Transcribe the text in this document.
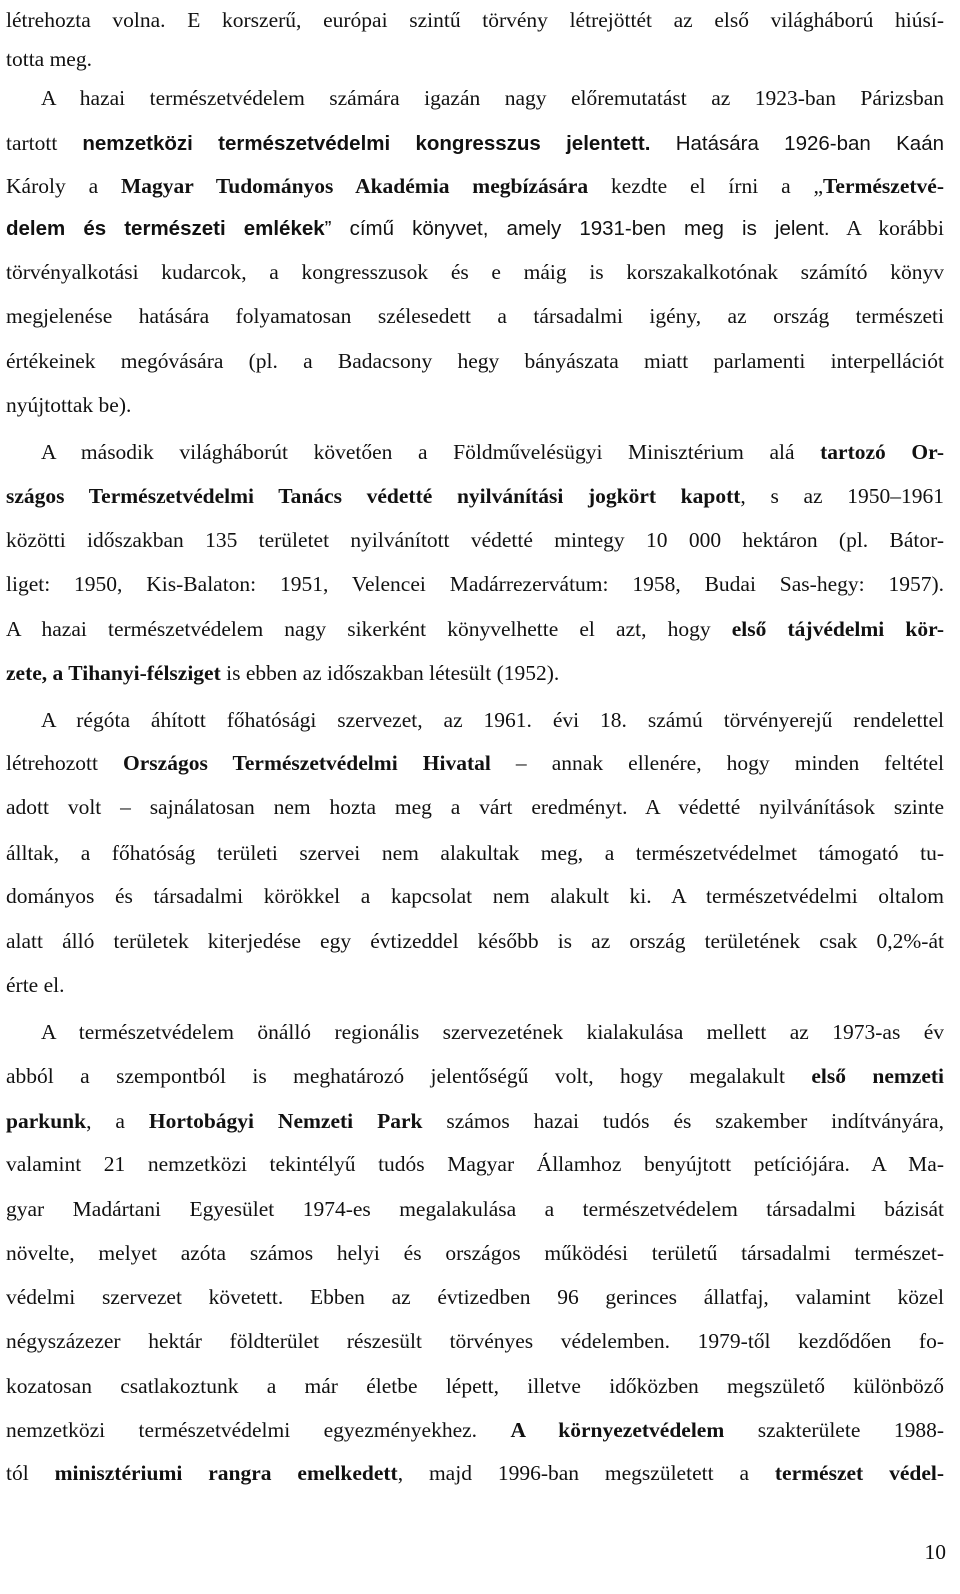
létrehozta volna. E korszerű, európai szintű törvény létrejöttét az első világháború hiúsí-
totta meg.
A hazai természetvédelem számára igazán nagy előremutatást az 1923-ban Párizsban
tartott nemzetközi természetvédelmi kongresszus jelentett. Hatására 1926-ban Kaán
Károly a Magyar Tudományos Akadémia megbízására kezdte el írni a „Természetvé-
delem és természeti emlékek” című könyvet, amely 1931-ben meg is jelent. A korábbi
törvényalkotási kudarcok, a kongresszusok és e máig is korszakalkotónak számító könyv
megjelenése hatására folyamatosan szélesedett a társadalmi igény, az ország természeti
értékeinek megóvására (pl. a Badacsony hegy bányászata miatt parlamenti interpellációt
nyújtottak be).
A második világháborút követően a Földművelésügyi Minisztérium alá tartozó Or-
szágos Természetvédelmi Tanács védetté nyilvánítási jogkört kapott, s az 1950–1961
közötti időszakban 135 területet nyilvánított védetté mintegy 10 000 hektáron (pl. Bátor-
liget: 1950, Kis-Balaton: 1951, Velencei Madárrezervátum: 1958, Budai Sas-hegy: 1957).
A hazai természetvédelem nagy sikerként könyvelhette el azt, hogy első tájvédelmi kör-
zete, a Tihanyi-félsziget is ebben az időszakban létesült (1952).
A régóta áhított főhatósági szervezet, az 1961. évi 18. számú törvényerejű rendelettel
létrehozott Országos Természetvédelmi Hivatal – annak ellenére, hogy minden feltétel
adott volt – sajnálatosan nem hozta meg a várt eredményt. A védetté nyilvánítások szinte
álltak, a főhatóság területi szervei nem alakultak meg, a természetvédelmet támogató tu-
dományos és társadalmi körökkel a kapcsolat nem alakult ki. A természetvédelmi oltalom
alatt álló területek kiterjedése egy évtizeddel később is az ország területének csak 0,2%-át
érte el.
A természetvédelem önálló regionális szervezetének kialakulása mellett az 1973-as év
abból a szempontból is meghatározó jelentőségű volt, hogy megalakult első nemzeti
parkunk, a Hortobágyi Nemzeti Park számos hazai tudós és szakember indítványára,
valamint 21 nemzetközi tekintélyű tudós Magyar Államhoz benyújtott petíciójára. A Ma-
gyar Madártani Egyesület 1974-es megalakulása a természetvédelem társadalmi bázisát
növelte, melyet azóta számos helyi és országos működési területű társadalmi természet-
védelmi szervezet követett. Ebben az évtizedben 96 gerinces állatfaj, valamint közel
négyszázezer hektár földterület részesült törvényes védelemben. 1979-től kezdődően fo-
kozatosan csatlakoztunk a már életbe lépett, illetve időközben megszülető különböző
nemzetközi természetvédelmi egyezményekhez. A környezetvédelem szakterülete 1988-
tól minisztériumi rangra emelkedett, majd 1996-ban megszületett a természet védel-
10
